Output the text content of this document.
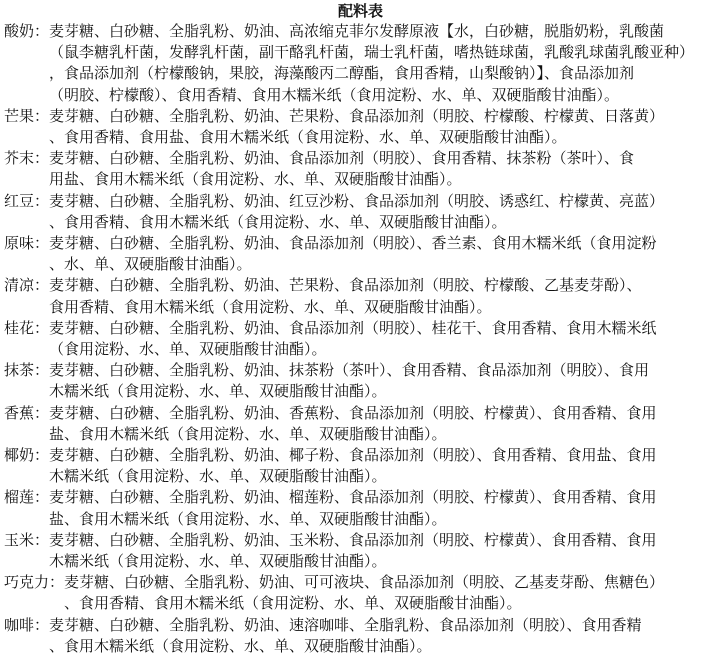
配料表
酸奶： 麦芽糖、白砂糖、全脂乳粉、奶油、高浓缩克菲尔发酵原液【水，白砂糖，脱脂奶粉，乳酸菌
（鼠李糖乳杆菌，发酵乳杆菌，副干酪乳杆菌，瑞士乳杆菌，嗜热链球菌，乳酸乳球菌乳酸亚种）
，食品添加剂（柠檬酸钠，果胶，海藻酸丙二醇酯，食用香精，山梨酸钠）】、食品添加剂
（明胶、柠檬酸）、食用香精、食用木糯米纸（食用淀粉、水、单、双硬脂酸甘油酯）。
芒果： 麦芽糖、白砂糖、全脂乳粉、奶油、芒果粉、食品添加剂（明胶、柠檬酸、柠檬黄、日落黄）
、食用香精、食用盐、食用木糯米纸（食用淀粉、水、单、双硬脂酸甘油酯）。
芥末： 麦芽糖、白砂糖、全脂乳粉、奶油、食品添加剂（明胶）、食用香精、抹茶粉（茶叶）、食
用盐、食用木糯米纸（食用淀粉、水、单、双硬脂酸甘油酯）。
红豆： 麦芽糖、白砂糖、全脂乳粉、奶油、红豆沙粉、食品添加剂（明胶、诱惑红、柠檬黄、亮蓝）
、食用香精、食用木糯米纸（食用淀粉、水、单、双硬脂酸甘油酯）。
原味： 麦芽糖、白砂糖、全脂乳粉、奶油、食品添加剂（明胶）、香兰素、食用木糯米纸（食用淀粉
、水、单、双硬脂酸甘油酯）。
清凉： 麦芽糖、白砂糖、全脂乳粉、奶油、芒果粉、食品添加剂（明胶、柠檬酸、乙基麦芽酚）、
食用香精、食用木糯米纸（食用淀粉、水、单、双硬脂酸甘油酯）。
桂花： 麦芽糖、白砂糖、全脂乳粉、奶油、食品添加剂（明胶）、桂花干、食用香精、食用木糯米纸
（食用淀粉、水、单、双硬脂酸甘油酯）。
抹茶： 麦芽糖、白砂糖、全脂乳粉、奶油、抹茶粉（茶叶）、食用香精、食品添加剂（明胶）、食用
木糯米纸（食用淀粉、水、单、双硬脂酸甘油酯）。
香蕉： 麦芽糖、白砂糖、全脂乳粉、奶油、香蕉粉、食品添加剂（明胶、柠檬黄）、食用香精、食用
盐、食用木糯米纸（食用淀粉、水、单、双硬脂酸甘油酯）。
椰奶： 麦芽糖、白砂糖、全脂乳粉、奶油、椰子粉、食品添加剂（明胶）、食用香精、食用盐、食用
木糯米纸（食用淀粉、水、单、双硬脂酸甘油酯）。
榴莲： 麦芽糖、白砂糖、全脂乳粉、奶油、榴莲粉、食品添加剂（明胶、柠檬黄）、食用香精、食用
盐、食用木糯米纸（食用淀粉、水、单、双硬脂酸甘油酯）。
玉米： 麦芽糖、白砂糖、全脂乳粉、奶油、玉米粉、食品添加剂（明胶、柠檬黄）、食用香精、食用
木糯米纸（食用淀粉、水、单、双硬脂酸甘油酯）。
巧克力： 麦芽糖、白砂糖、全脂乳粉、奶油、可可液块、食品添加剂（明胶、乙基麦芽酚、焦糖色）
、食用香精、食用木糯米纸（食用淀粉、水、单、双硬脂酸甘油酯）。
咖啡： 麦芽糖、白砂糖、全脂乳粉、奶油、速溶咖啡、全脂乳粉、食品添加剂（明胶）、食用香精
、食用木糯米纸（食用淀粉、水、单、双硬脂酸甘油酯）。
